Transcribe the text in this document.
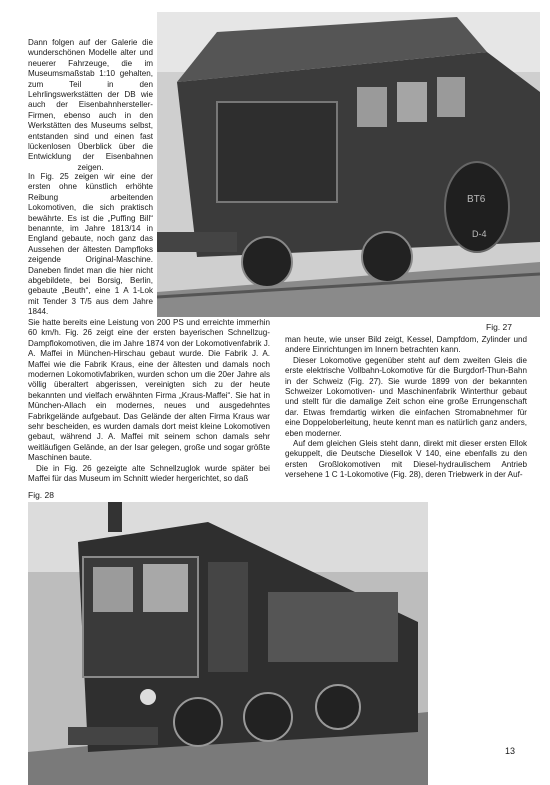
BT6
D-4

Dann folgen auf der Galerie die wunderschönen Modelle alter und neuerer Fahrzeuge, die im Museumsmaßstab 1:10 gehalten, zum Teil in den Lehrlingswerkstätten der DB wie auch der Eisenbahnhersteller-Firmen, ebenso auch in den Werkstätten des Museums selbst, entstanden sind und einen fast lückenlosen Überblick über die Entwicklung der Eisenbahnen zeigen.

In Fig. 25 zeigen wir eine der ersten ohne künstlich erhöhte Reibung arbeitenden Lokomotiven, die sich praktisch bewährte. Es ist die „Puffing Bill“ benannte, im Jahre 1813/14 in England gebaute, noch ganz das Aussehen der ältesten Dampfloks zeigende Original-Maschine. Daneben findet man die hier nicht abgebildete, bei Borsig, Berlin, gebaute „Beuth“, eine 1 A 1-Lok mit Tender 3 T/5 aus dem Jahre 1844.

Sie hatte bereits eine Leistung von 200 PS und erreichte immerhin 60 km/h. Fig. 26 zeigt eine der ersten bayerischen Schnellzug-Dampflokomotiven, die im Jahre 1874 von der Lokomotivenfabrik J. A. Maffei in München-Hirschau gebaut wurde. Die Fabrik J. A. Maffei wie die Fabrik Kraus, eine der ältesten und damals noch modernen Lokomotivfabriken, wurden schon um die 20er Jahre als völlig überaltert abgerissen, vereinigten sich zu der heute bekannten und vielfach erwähnten Firma „Kraus-Maffei“. Sie hat in München-Allach ein modernes, neues und ausgedehntes Fabrikgelände aufgebaut. Das Gelände der alten Firma Kraus war sehr bescheiden, es wurden damals dort meist kleine Lokomotiven gebaut, während J. A. Maffei mit seinem schon damals sehr weitläufigen Gelände, an der Isar gelegen, große und sogar größte Maschinen baute.

Die in Fig. 26 gezeigte alte Schnellzuglok wurde später bei Maffei für das Museum im Schnitt wieder hergerichtet, so daß

Fig. 27

man heute, wie unser Bild zeigt, Kessel, Dampfdom, Zylinder und andere Einrichtungen im Innern betrachten kann.

Dieser Lokomotive gegenüber steht auf dem zweiten Gleis die erste elektrische Vollbahn-Lokomotive für die Burgdorf-Thun-Bahn in der Schweiz (Fig. 27). Sie wurde 1899 von der bekannten Schweizer Lokomotiven- und Maschinenfabrik Winterthur gebaut und stellt für die damalige Zeit schon eine große Errungenschaft dar. Etwas fremdartig wirken die einfachen Stromabnehmer für eine Doppeloberleitung, heute kennt man es natürlich ganz anders, eben moderner.

Auf dem gleichen Gleis steht dann, direkt mit dieser ersten Ellok gekuppelt, die Deutsche Diesellok V 140, eine ebenfalls zu den ersten Großlokomotiven mit Diesel-hydraulischem Antrieb versehene 1 C 1-Lokomotive (Fig. 28), deren Triebwerk in der Auf-

Fig. 28
13
